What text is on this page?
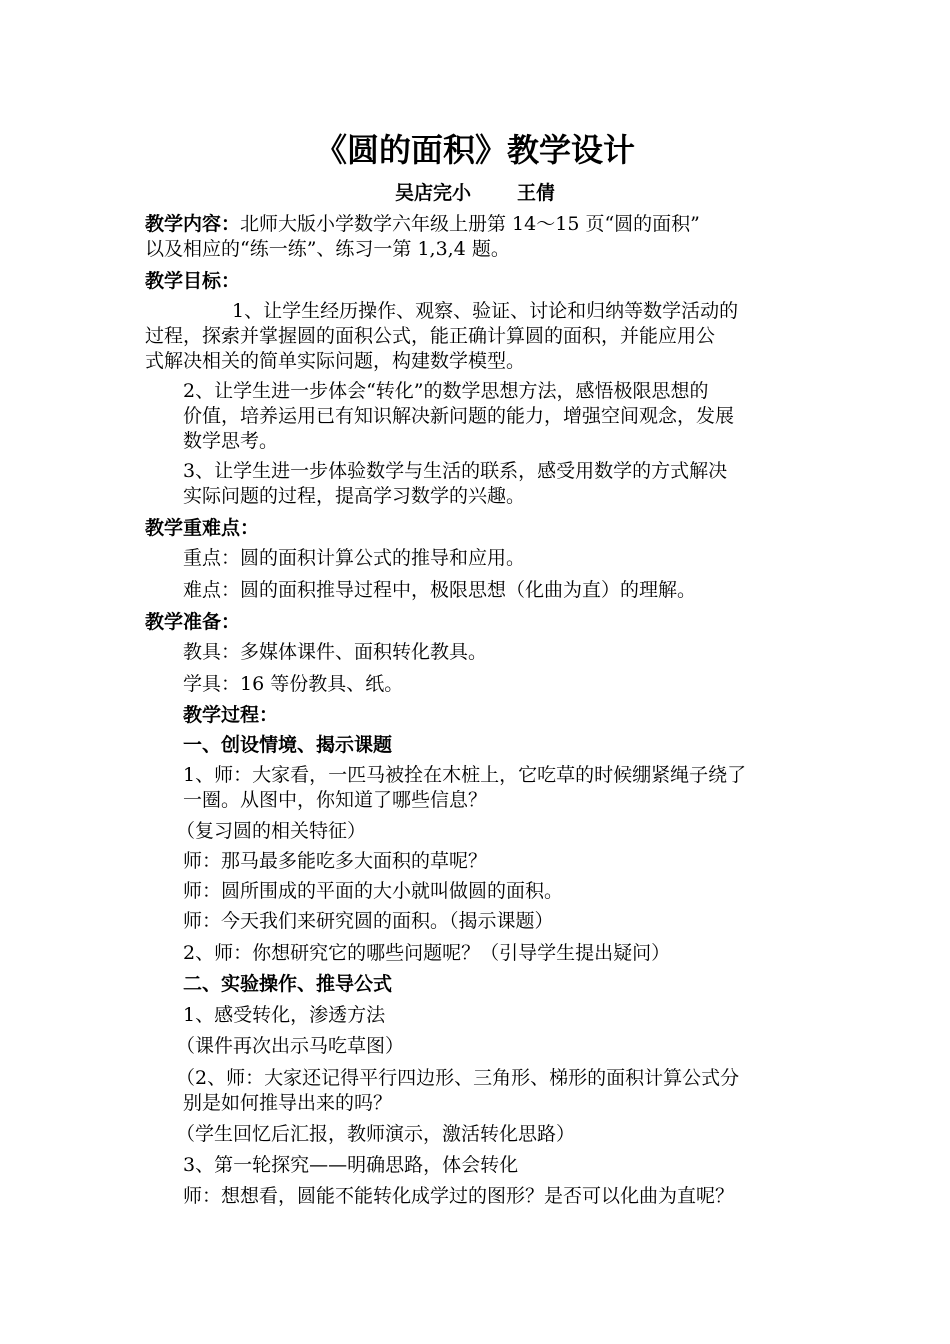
《圆的面积》教学设计
吴店完小 王倩
教学内容：北师大版小学数学六年级上册第 14～15 页“圆的面积”
以及相应的“练一练”、练习一第 1,3,4 题。
教学目标：
1、让学生经历操作、观察、验证、讨论和归纳等数学活动的
过程，探索并掌握圆的面积公式，能正确计算圆的面积，并能应用公
式解决相关的简单实际问题，构建数学模型。
2、让学生进一步体会“转化”的数学思想方法，感悟极限思想的
价值，培养运用已有知识解决新问题的能力，增强空间观念，发展
数学思考。
3、让学生进一步体验数学与生活的联系，感受用数学的方式解决
实际问题的过程，提高学习数学的兴趣。
教学重难点：
重点：圆的面积计算公式的推导和应用。
难点：圆的面积推导过程中，极限思想（化曲为直）的理解。
教学准备：
教具：多媒体课件、面积转化教具。
学具：16 等份教具、纸。
教学过程：
一、创设情境、揭示课题
1、师：大家看，一匹马被拴在木桩上，它吃草的时候绷紧绳子绕了
一圈。从图中，你知道了哪些信息？
（复习圆的相关特征）
师：那马最多能吃多大面积的草呢？
师：圆所围成的平面的大小就叫做圆的面积。
师：今天我们来研究圆的面积。（揭示课题）
2、师：你想研究它的哪些问题呢？（引导学生提出疑问）
二、实验操作、推导公式
1、感受转化，渗透方法
（课件再次出示马吃草图）
（2、师：大家还记得平行四边形、三角形、梯形的面积计算公式分
别是如何推导出来的吗？
（学生回忆后汇报，教师演示，激活转化思路）
3、第一轮探究——明确思路，体会转化
师：想想看，圆能不能转化成学过的图形？是否可以化曲为直呢？
